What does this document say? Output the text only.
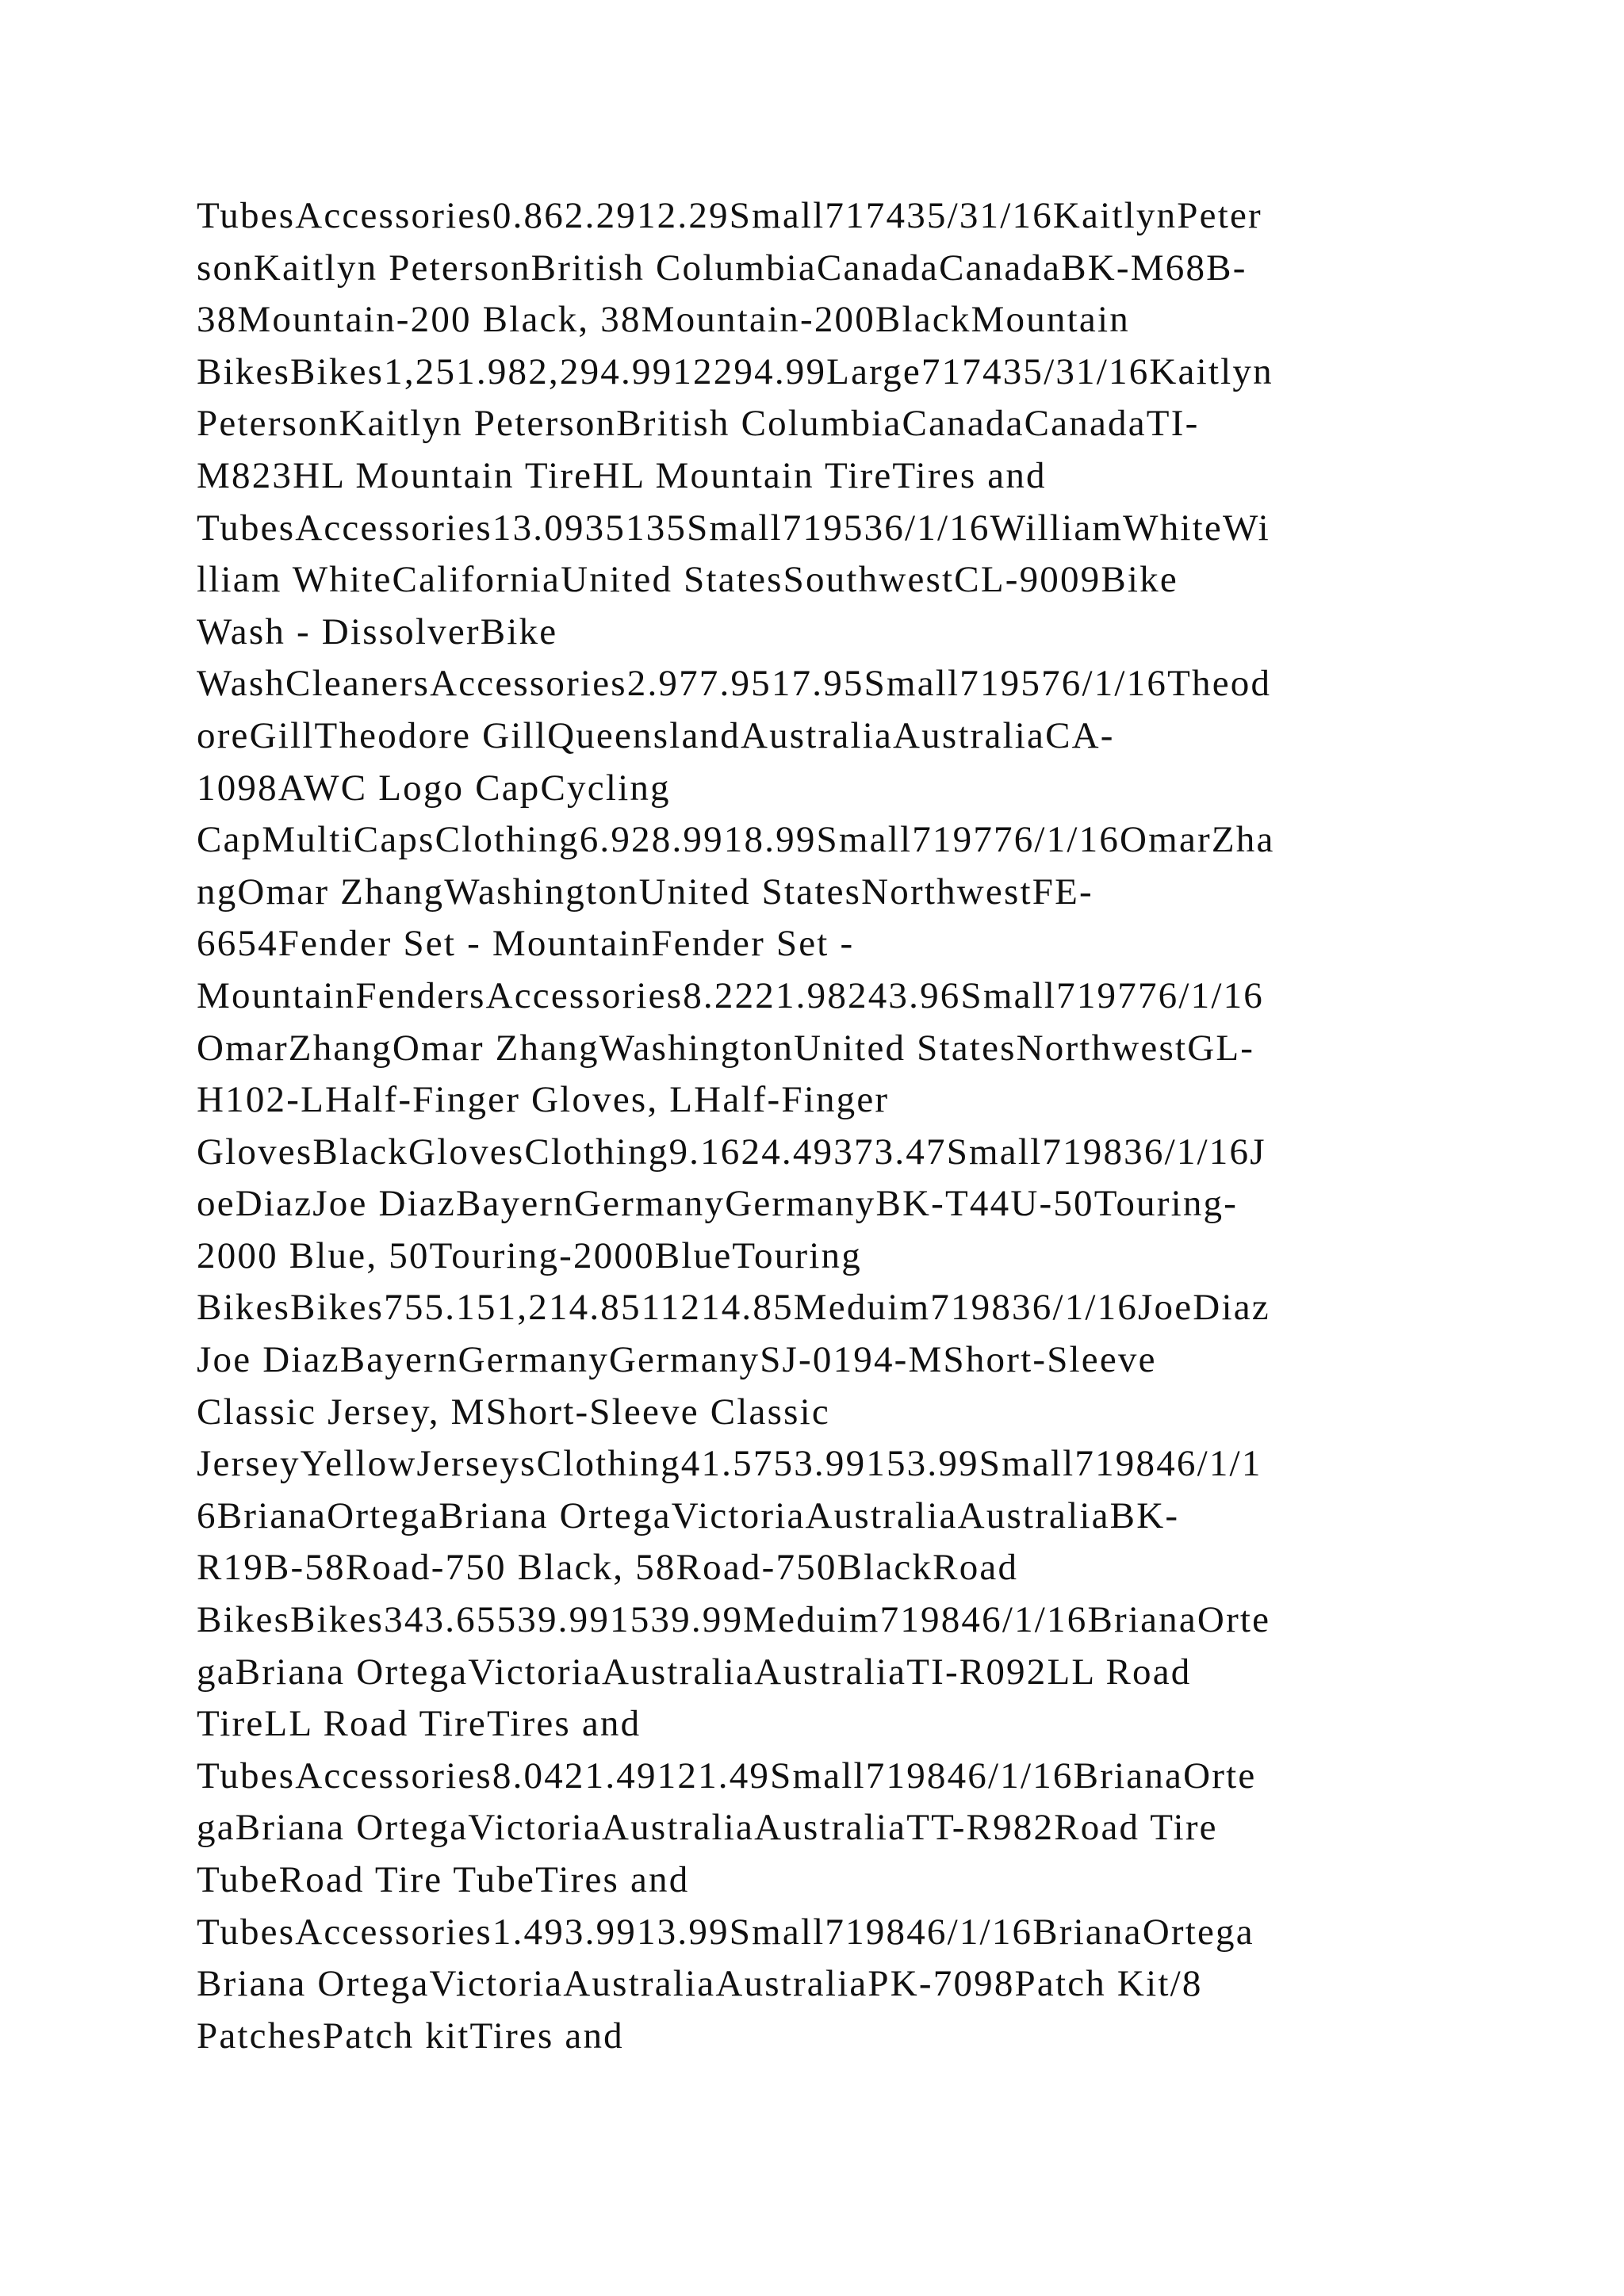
TubesAccessories0.862.2912.29Small717435/31/16KaitlynPeter
sonKaitlyn PetersonBritish ColumbiaCanadaCanadaBK-M68B-
38Mountain-200 Black, 38Mountain-200BlackMountain
BikesBikes1,251.982,294.9912294.99Large717435/31/16Kaitlyn
PetersonKaitlyn PetersonBritish ColumbiaCanadaCanadaTI-
M823HL Mountain TireHL Mountain TireTires and
TubesAccessories13.0935135Small719536/1/16WilliamWhiteWi
lliam WhiteCaliforniaUnited StatesSouthwestCL-9009Bike
Wash - DissolverBike
WashCleanersAccessories2.977.9517.95Small719576/1/16Theod
oreGillTheodore GillQueenslandAustraliaAustraliaCA-
1098AWC Logo CapCycling
CapMultiCapsClothing6.928.9918.99Small719776/1/16OmarZha
ngOmar ZhangWashingtonUnited StatesNorthwestFE-
6654Fender Set - MountainFender Set -
MountainFendersAccessories8.2221.98243.96Small719776/1/16
OmarZhangOmar ZhangWashingtonUnited StatesNorthwestGL-
H102-LHalf-Finger Gloves, LHalf-Finger
GlovesBlackGlovesClothing9.1624.49373.47Small719836/1/16J
oeDiazJoe DiazBayernGermanyGermanyBK-T44U-50Touring-
2000 Blue, 50Touring-2000BlueTouring
BikesBikes755.151,214.8511214.85Meduim719836/1/16JoeDiaz
Joe DiazBayernGermanyGermanySJ-0194-MShort-Sleeve
Classic Jersey, MShort-Sleeve Classic
JerseyYellowJerseysClothing41.5753.99153.99Small719846/1/1
6BrianaOrtegaBriana OrtegaVictoriaAustraliaAustraliaBK-
R19B-58Road-750 Black, 58Road-750BlackRoad
BikesBikes343.65539.991539.99Meduim719846/1/16BrianaOrte
gaBriana OrtegaVictoriaAustraliaAustraliaTI-R092LL Road
TireLL Road TireTires and
TubesAccessories8.0421.49121.49Small719846/1/16BrianaOrte
gaBriana OrtegaVictoriaAustraliaAustraliaTT-R982Road Tire
TubeRoad Tire TubeTires and
TubesAccessories1.493.9913.99Small719846/1/16BrianaOrtega
Briana OrtegaVictoriaAustraliaAustraliaPK-7098Patch Kit/8
PatchesPatch kitTires and
